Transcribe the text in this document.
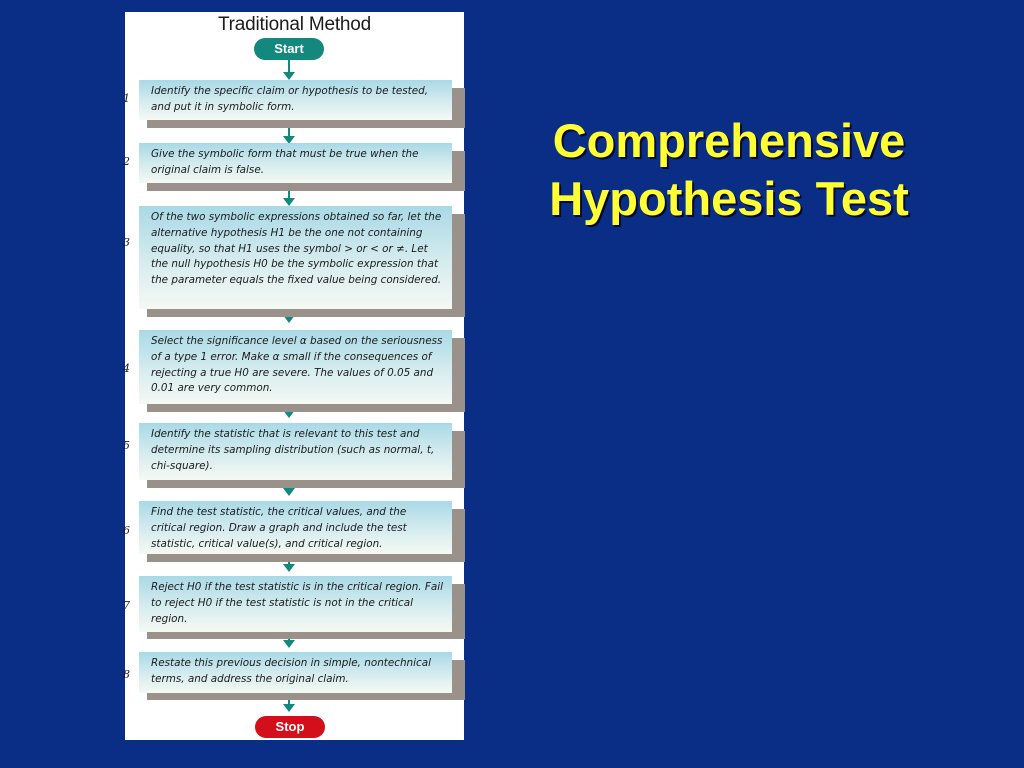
Traditional Method
Start
1
Identify the specific claim or hypothesis to be tested, and put it in symbolic form.
2
Give the symbolic form that must be true when the original claim is false.
3
Of the two symbolic expressions obtained so far, let the alternative hypothesis H1 be the one not containing equality, so that H1 uses the symbol > or < or ≠. Let the null hypothesis H0 be the symbolic expression that the parameter equals the fixed value being considered.
4
Select the significance level α based on the seriousness of a type 1 error. Make α small if the consequences of rejecting a true H0 are severe. The values of 0.05 and 0.01 are very common.
5
Identify the statistic that is relevant to this test and determine its sampling distribution (such as normal, t, chi-square).
6
Find the test statistic, the critical values, and the critical region. Draw a graph and include the test statistic, critical value(s), and critical region.
7
Reject H0 if the test statistic is in the critical region. Fail to reject H0 if the test statistic is not in the critical region.
8
Restate this previous decision in simple, nontechnical terms, and address the original claim.
Stop
Comprehensive
Hypothesis Test
